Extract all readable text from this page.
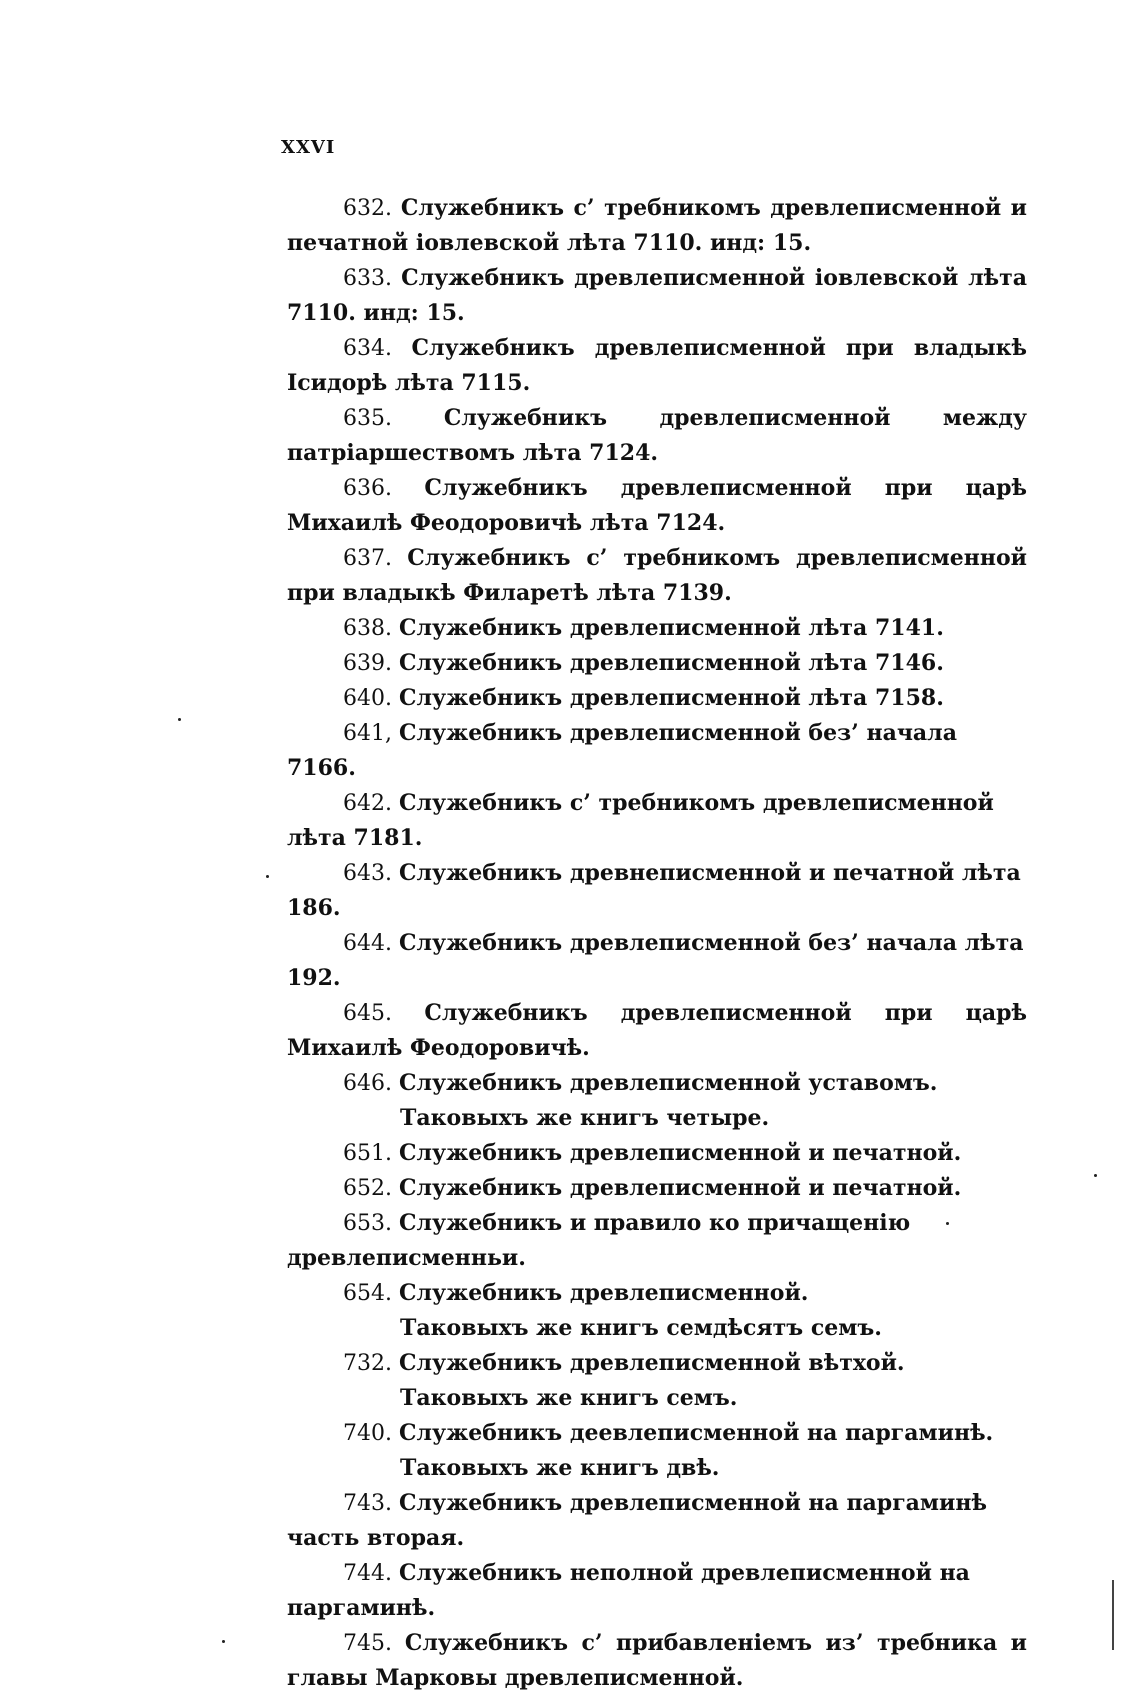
XXVI

632. Служебникъ с’ требникомъ древлеписменной и печатной іовлевской лѣта 7110. инд: 15.

633. Служебникъ древлеписменной іовлевской лѣта 7110. инд: 15.

634. Служебникъ древлеписменной при владыкѣ Ісидорѣ лѣта 7115.

635. Служебникъ древлеписменной между патріаршествомъ лѣта 7124.

636. Служебникъ древлеписменной при царѣ Михаилѣ Феодоровичѣ лѣта 7124.

637. Служебникъ с’ требникомъ древлеписменной при владыкѣ Филаретѣ лѣта 7139.

638. Служебникъ древлеписменной лѣта 7141.

639. Служебникъ древлеписменной лѣта 7146.

640. Служебникъ древлеписменной лѣта 7158.

641, Служебникъ древлеписменной без’ начала 7166.

642. Служебникъ с’ требникомъ древлеписменной лѣта 7181.

643. Служебникъ древнеписменной и печатной лѣта 186.

644. Служебникъ древлеписменной без’ начала лѣта 192.

645. Служебникъ древлеписменной при царѣ Михаилѣ Феодоровичѣ.

646. Служебникъ древлеписменной уставомъ.

Таковыхъ же книгъ четыре.

651. Служебникъ древлеписменной и печатной.

652. Служебникъ древлеписменной и печатной.

653. Служебникъ и правило ко причащенію древлеписменньи.

654. Служебникъ древлеписменной.

Таковыхъ же книгъ семдѣсятъ семъ.

732. Служебникъ древлеписменной вѣтхой.

Таковыхъ же книгъ семъ.

740. Служебникъ деевлеписменной на паргаминѣ.

Таковыхъ же книгъ двѣ.

743. Служебникъ древлеписменной на паргаминѣ часть вторая.

744. Служебникъ неполной древлеписменной на паргаминѣ.

745. Служебникъ с’ прибавленіемъ из’ требника и главы Марковы древлеписменной.
